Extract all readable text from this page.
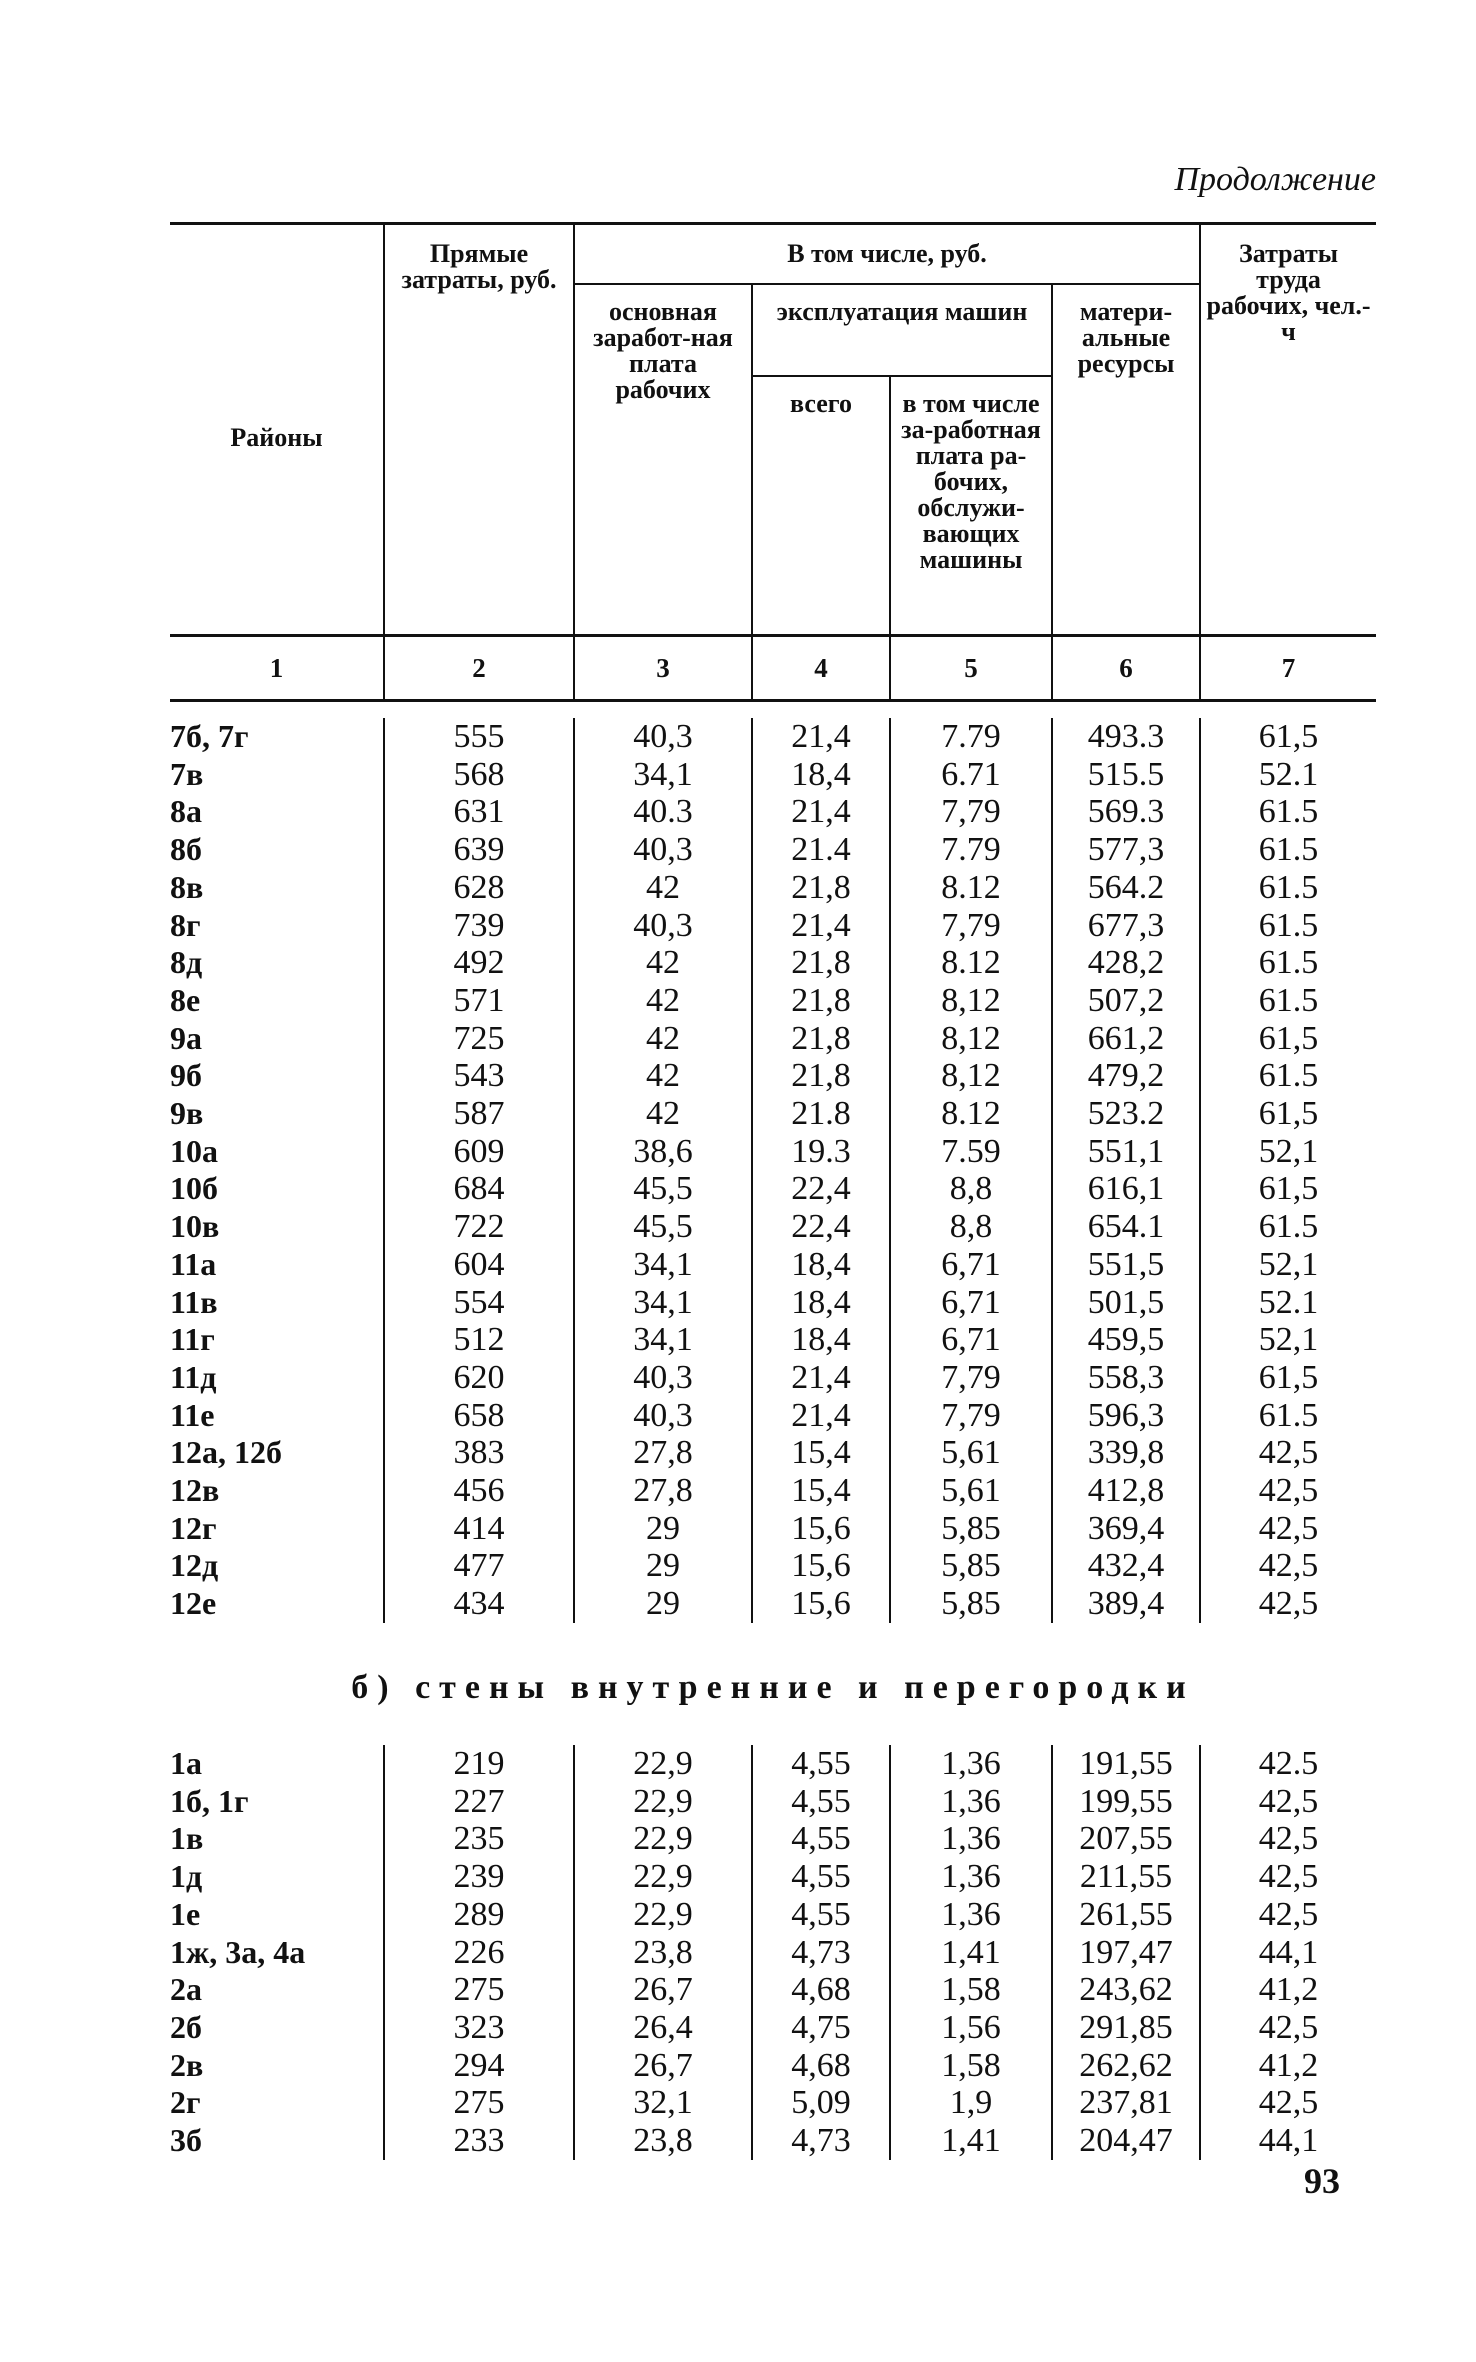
Продолжение
Районы	Прямые затраты, руб.	В том числе, руб.				Затраты труда рабочих, чел.-ч
		основная заработ-ная плата рабочих	эксплуатация машин		матери-альные ресурсы	
			всего	в том числе за-работная плата ра-бочих, обслужи-вающих машины		
1	2	3	4	5	6	7
7б, 7г	555	40,3	21,4	7.79	493.3	61,5
7в	568	34,1	18,4	6.71	515.5	52.1
8а	631	40.3	21,4	7,79	569.3	61.5
8б	639	40,3	21.4	7.79	577,3	61.5
8в	628	42	21,8	8.12	564.2	61.5
8г	739	40,3	21,4	7,79	677,3	61.5
8д	492	42	21,8	8.12	428,2	61.5
8е	571	42	21,8	8,12	507,2	61.5
9а	725	42	21,8	8,12	661,2	61,5
9б	543	42	21,8	8,12	479,2	61.5
9в	587	42	21.8	8.12	523.2	61,5
10а	609	38,6	19.3	7.59	551,1	52,1
10б	684	45,5	22,4	8,8	616,1	61,5
10в	722	45,5	22,4	8,8	654.1	61.5
11а	604	34,1	18,4	6,71	551,5	52,1
11в	554	34,1	18,4	6,71	501,5	52.1
11г	512	34,1	18,4	6,71	459,5	52,1
11д	620	40,3	21,4	7,79	558,3	61,5
11е	658	40,3	21,4	7,79	596,3	61.5
12а, 12б	383	27,8	15,4	5,61	339,8	42,5
12в	456	27,8	15,4	5,61	412,8	42,5
12г	414	29	15,6	5,85	369,4	42,5
12д	477	29	15,6	5,85	432,4	42,5
12е	434	29	15,6	5,85	389,4	42,5
б) стены внутренние и перегородки
1а	219	22,9	4,55	1,36	191,55	42.5
1б, 1г	227	22,9	4,55	1,36	199,55	42,5
1в	235	22,9	4,55	1,36	207,55	42,5
1д	239	22,9	4,55	1,36	211,55	42,5
1е	289	22,9	4,55	1,36	261,55	42,5
1ж, 3а, 4а	226	23,8	4,73	1,41	197,47	44,1
2а	275	26,7	4,68	1,58	243,62	41,2
2б	323	26,4	4,75	1,56	291,85	42,5
2в	294	26,7	4,68	1,58	262,62	41,2
2г	275	32,1	5,09	1,9	237,81	42,5
3б	233	23,8	4,73	1,41	204,47	44,1
93
